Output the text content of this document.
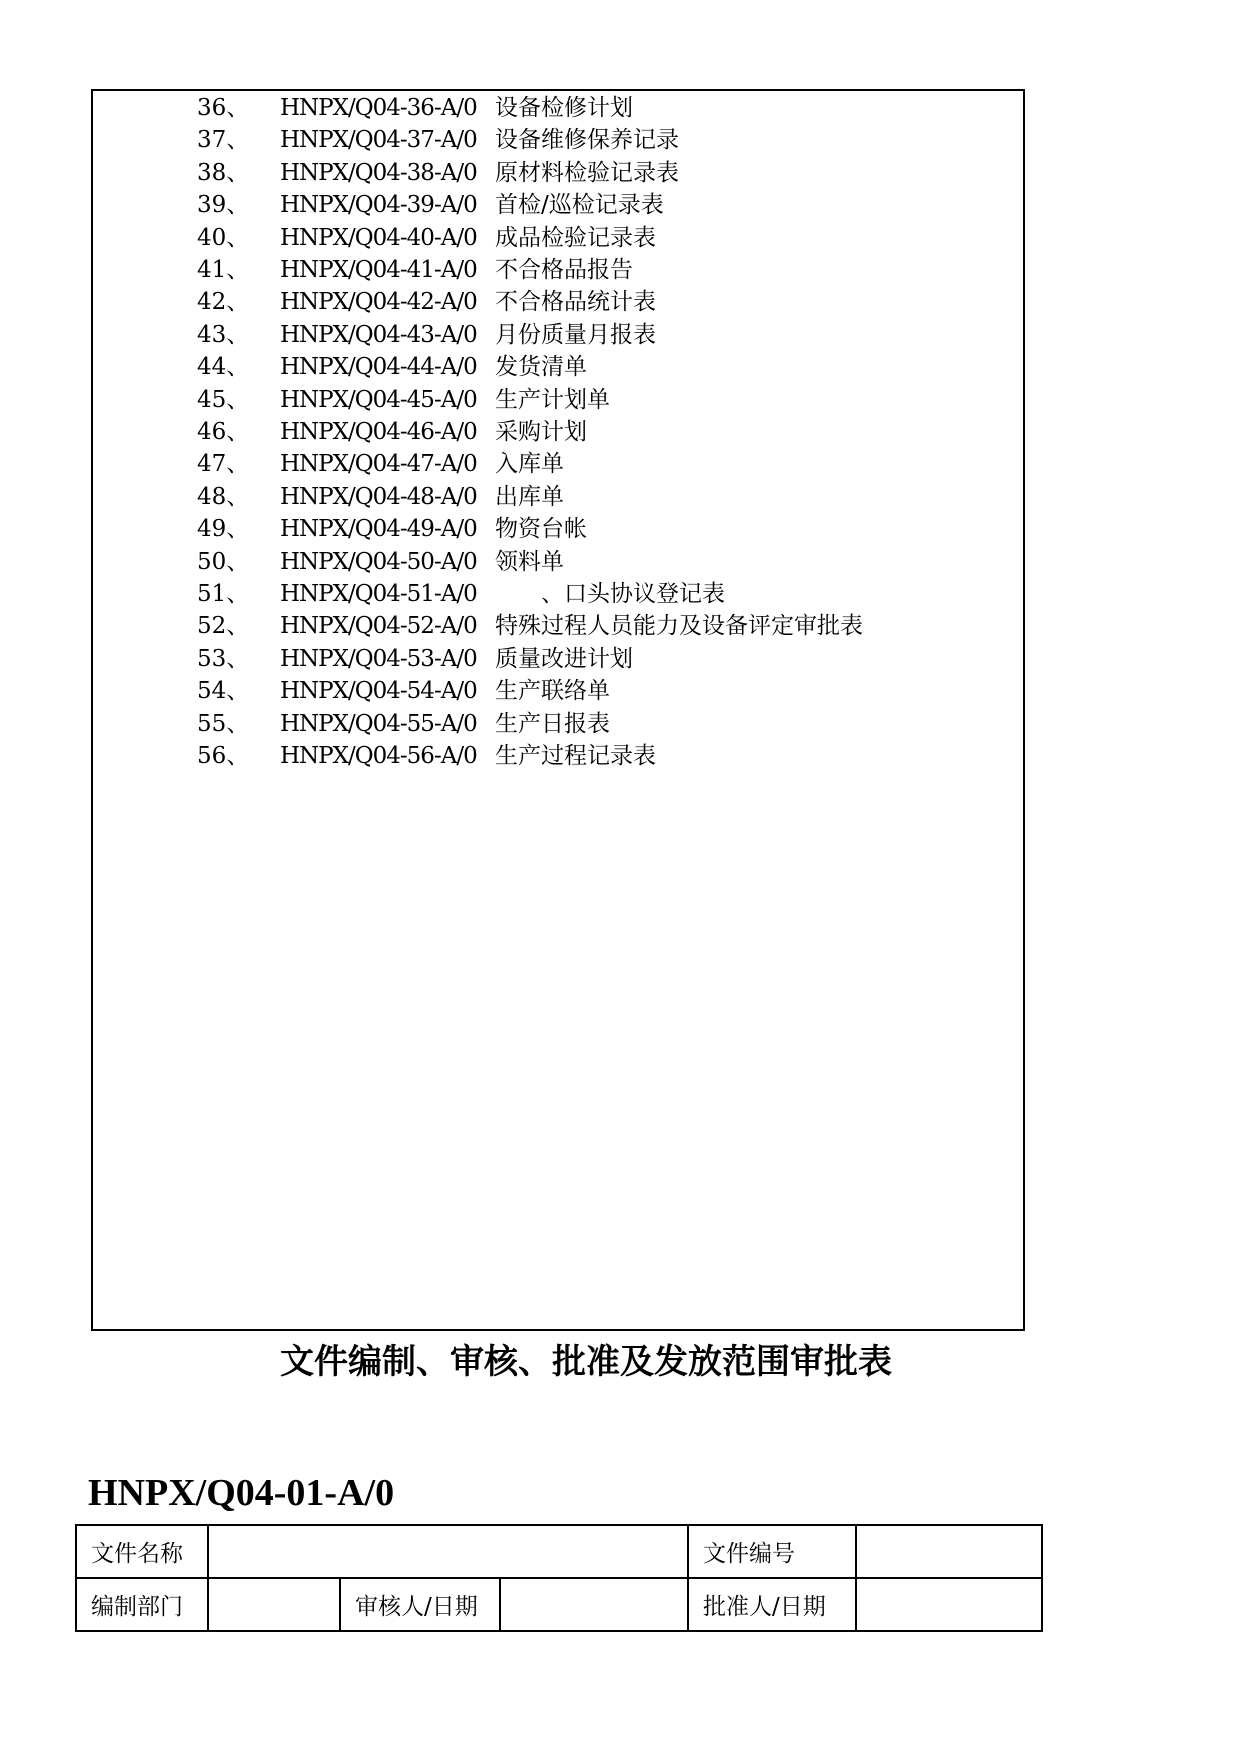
36、 HNPX/Q04-36-A/0 设备检修计划
37、 HNPX/Q04-37-A/0 设备维修保养记录
38、 HNPX/Q04-38-A/0 原材料检验记录表
39、 HNPX/Q04-39-A/0 首检/巡检记录表
40、 HNPX/Q04-40-A/0 成品检验记录表
41、 HNPX/Q04-41-A/0 不合格品报告
42、 HNPX/Q04-42-A/0 不合格品统计表
43、 HNPX/Q04-43-A/0 月份质量月报表
44、 HNPX/Q04-44-A/0 发货清单
45、 HNPX/Q04-45-A/0 生产计划单
46、 HNPX/Q04-46-A/0 采购计划
47、 HNPX/Q04-47-A/0 入库单
48、 HNPX/Q04-48-A/0 出库单
49、 HNPX/Q04-49-A/0 物资台帐
50、 HNPX/Q04-50-A/0 领料单
51、 HNPX/Q04-51-A/0 　　、口头协议登记表
52、 HNPX/Q04-52-A/0 特殊过程人员能力及设备评定审批表
53、 HNPX/Q04-53-A/0 质量改进计划
54、 HNPX/Q04-54-A/0 生产联络单
55、 HNPX/Q04-55-A/0 生产日报表
56、 HNPX/Q04-56-A/0 生产过程记录表
文件编制、审核、批准及发放范围审批表
HNPX/Q04-01-A/0
文件名称				文件编号	
编制部门		审核人/日期		批准人/日期	
